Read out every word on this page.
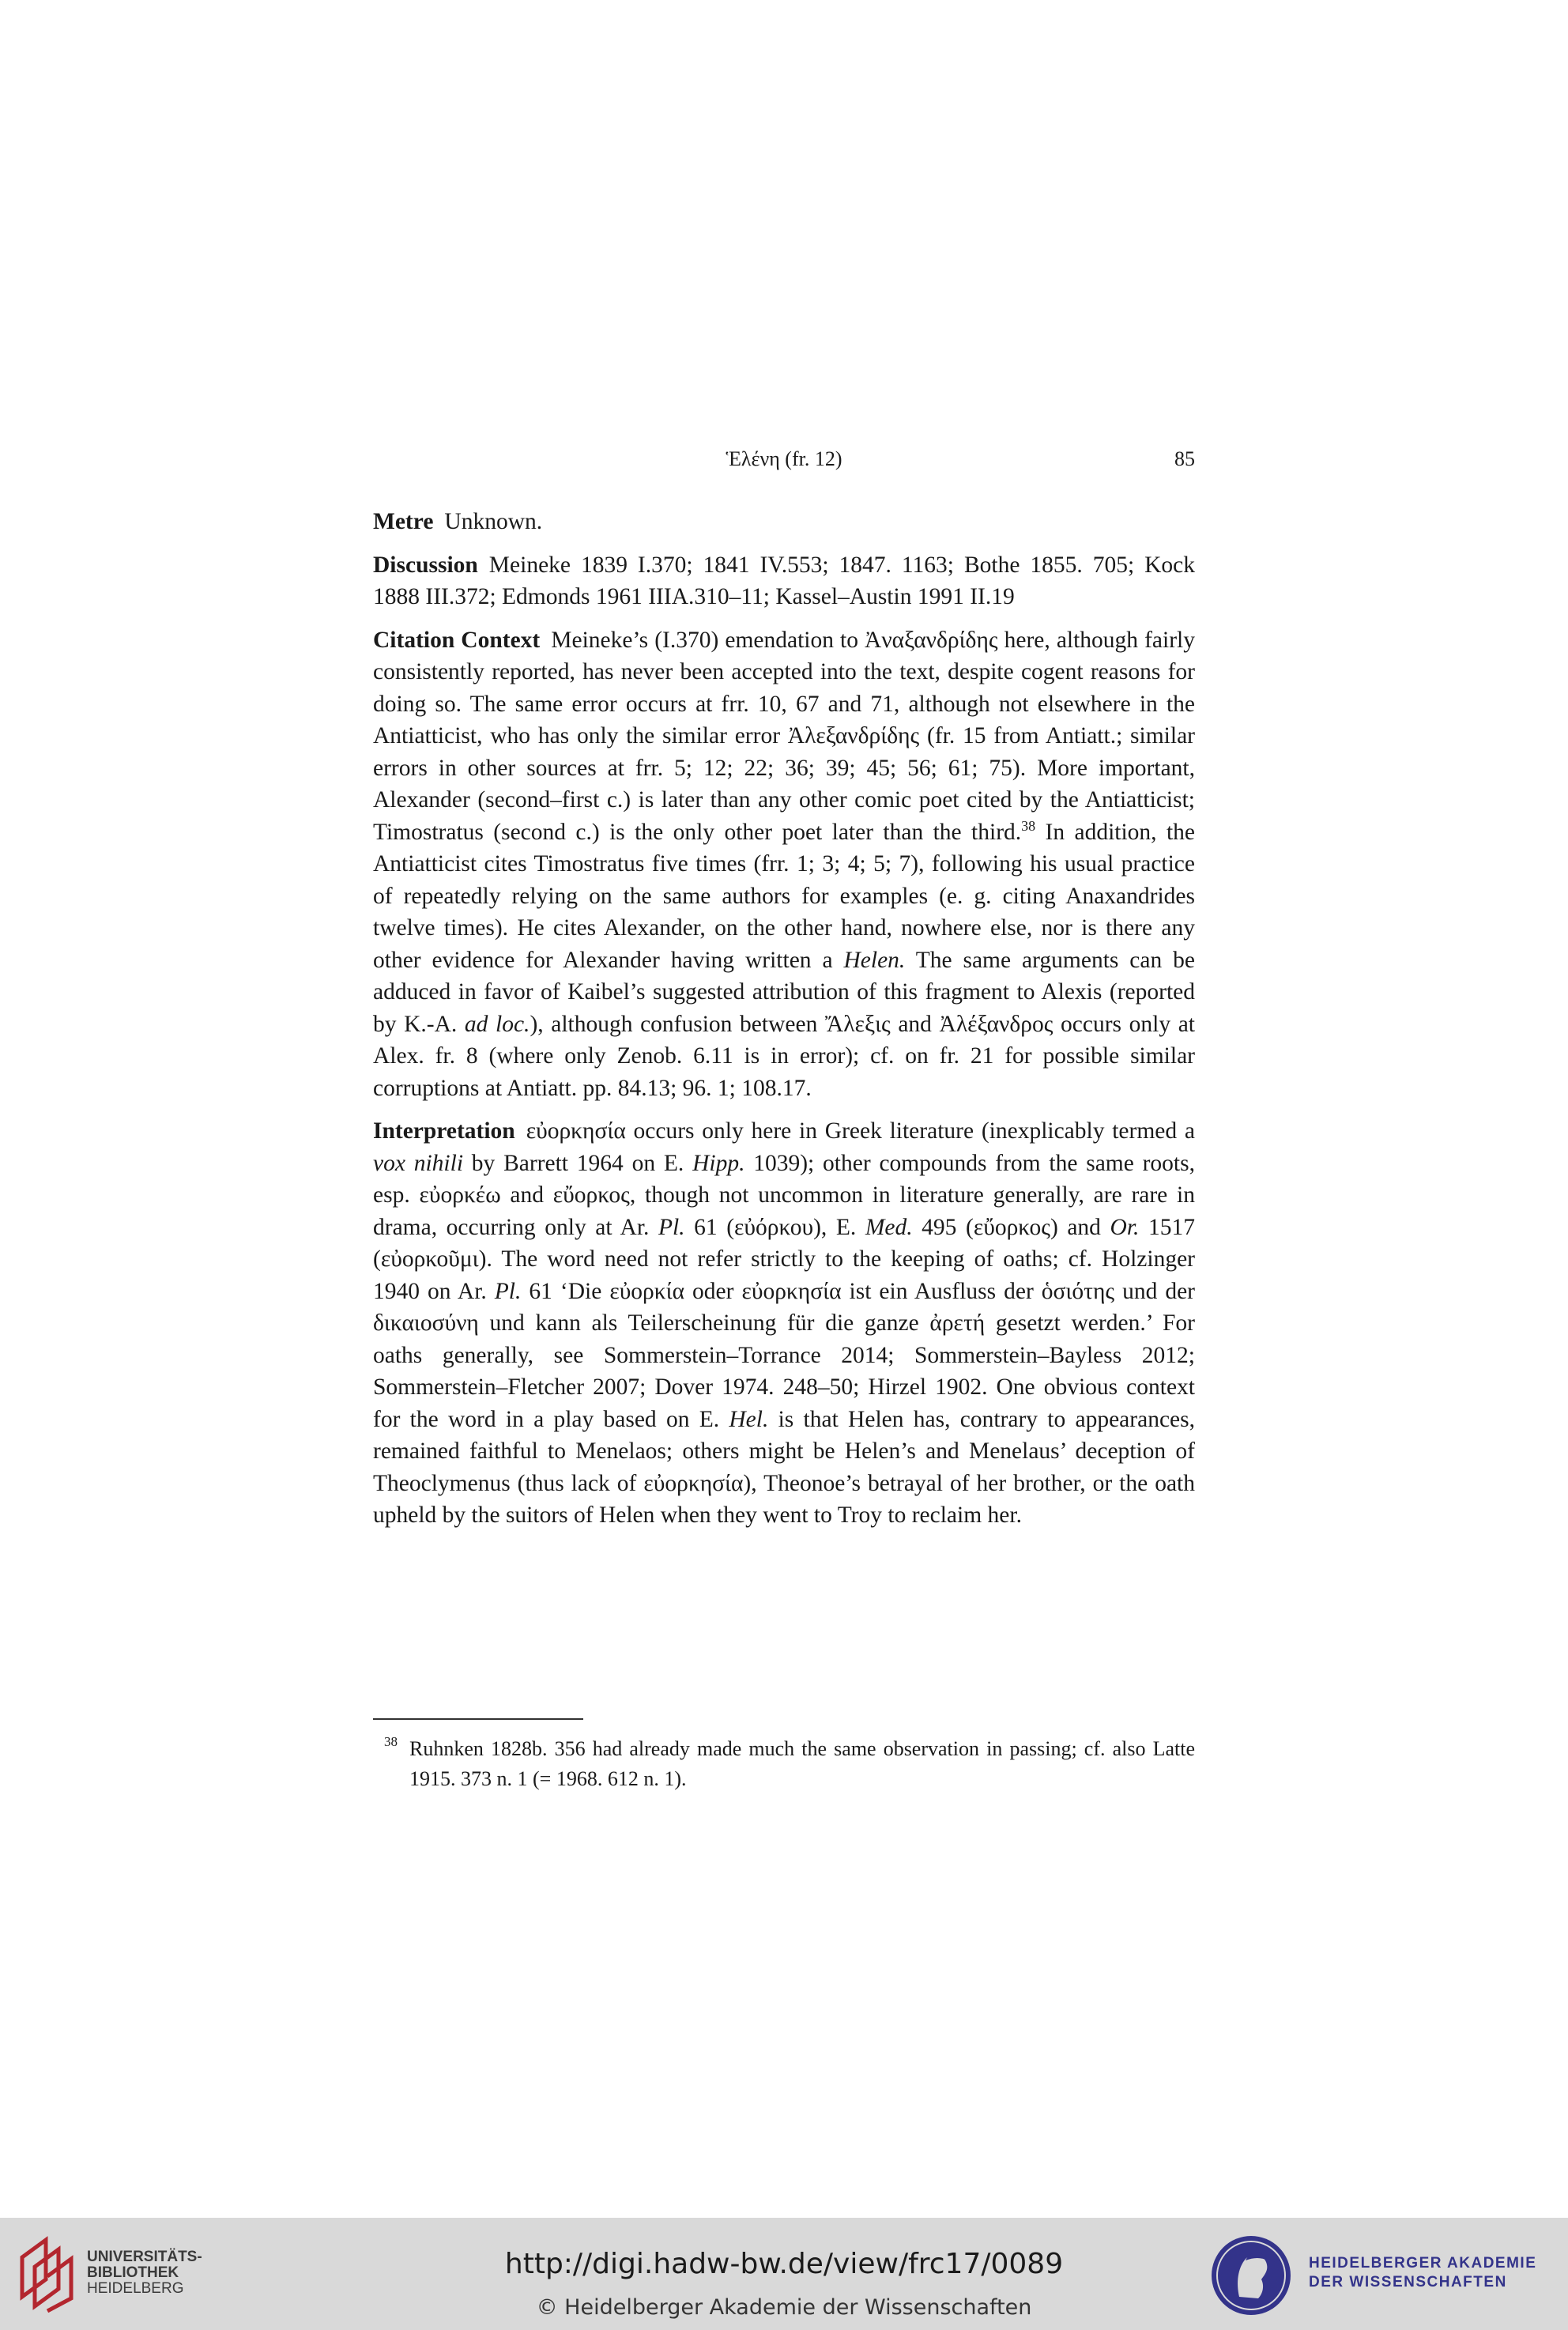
Ἑλένη (fr. 12)	85

Metre Unknown.

Discussion Meineke 1839 I.370; 1841 IV.553; 1847. 1163; Bothe 1855. 705; Kock 1888 III.372; Edmonds 1961 IIIA.310–11; Kassel–Austin 1991 II.19

Citation Context Meineke’s (I.370) emendation to Ἀναξανδρίδης here, although fairly consistently reported, has never been accepted into the text, despite cogent reasons for doing so. The same error occurs at frr. 10, 67 and 71, although not elsewhere in the Antiatticist, who has only the similar error Ἀλεξανδρίδης (fr. 15 from Antiatt.; similar errors in other sources at frr. 5; 12; 22; 36; 39; 45; 56; 61; 75). More important, Alexander (second–first c.) is later than any other comic poet cited by the Antiatticist; Timostratus (second c.) is the only other poet later than the third.$^{38}$ In addition, the Antiatticist cites Timostratus five times (frr. 1; 3; 4; 5; 7), following his usual practice of repeatedly relying on the same authors for examples (e. g. citing Anaxandrides twelve times). He cites Alexander, on the other hand, nowhere else, nor is there any other evidence for Alexander having written a Helen. The same arguments can be adduced in favor of Kaibel’s suggested attribution of this fragment to Alexis (reported by K.-A. ad loc.), although confusion between Ἄλεξις and Ἀλέξανδρος occurs only at Alex. fr. 8 (where only Zenob. 6.11 is in error); cf. on fr. 21 for possible similar corruptions at Antiatt. pp. 84.13; 96. 1; 108.17.

Interpretation εὐορκησία occurs only here in Greek literature (inexplicably termed a vox nihili by Barrett 1964 on E. Hipp. 1039); other compounds from the same roots, esp. εὐορκέω and εὔορκος, though not uncommon in literature generally, are rare in drama, occurring only at Ar. Pl. 61 (εὐόρκου), E. Med. 495 (εὔορκος) and Or. 1517 (εὐορκοῦμι). The word need not refer strictly to the keeping of oaths; cf. Holzinger 1940 on Ar. Pl. 61 ‘Die εὐορκία oder εὐορκησία ist ein Ausfluss der ὁσιότης und der δικαιοσύνη und kann als Teilerscheinung für die ganze ἀρετή gesetzt werden.’ For oaths generally, see Sommerstein–Torrance 2014; Sommerstein–Bayless 2012; Sommerstein–Fletcher 2007; Dover 1974. 248–50; Hirzel 1902. One obvious context for the word in a play based on E. Hel. is that Helen has, contrary to appearances, remained faithful to Menelaos; others might be Helen’s and Menelaus’ deception of Theoclymenus (thus lack of εὐορκησία), Theonoe’s betrayal of her brother, or the oath upheld by the suitors of Helen when they went to Troy to reclaim her.

38 Ruhnken 1828b. 356 had already made much the same observation in passing; cf. also Latte 1915. 373 n. 1 (= 1968. 612 n. 1).
UNIVERSITÄTS-
BIBLIOTHEK
HEIDELBERG
http://digi.hadw-bw.de/view/frc17/0089
© Heidelberger Akademie der Wissenschaften
HEIDELBERGER AKADEMIE
DER WISSENSCHAFTEN
